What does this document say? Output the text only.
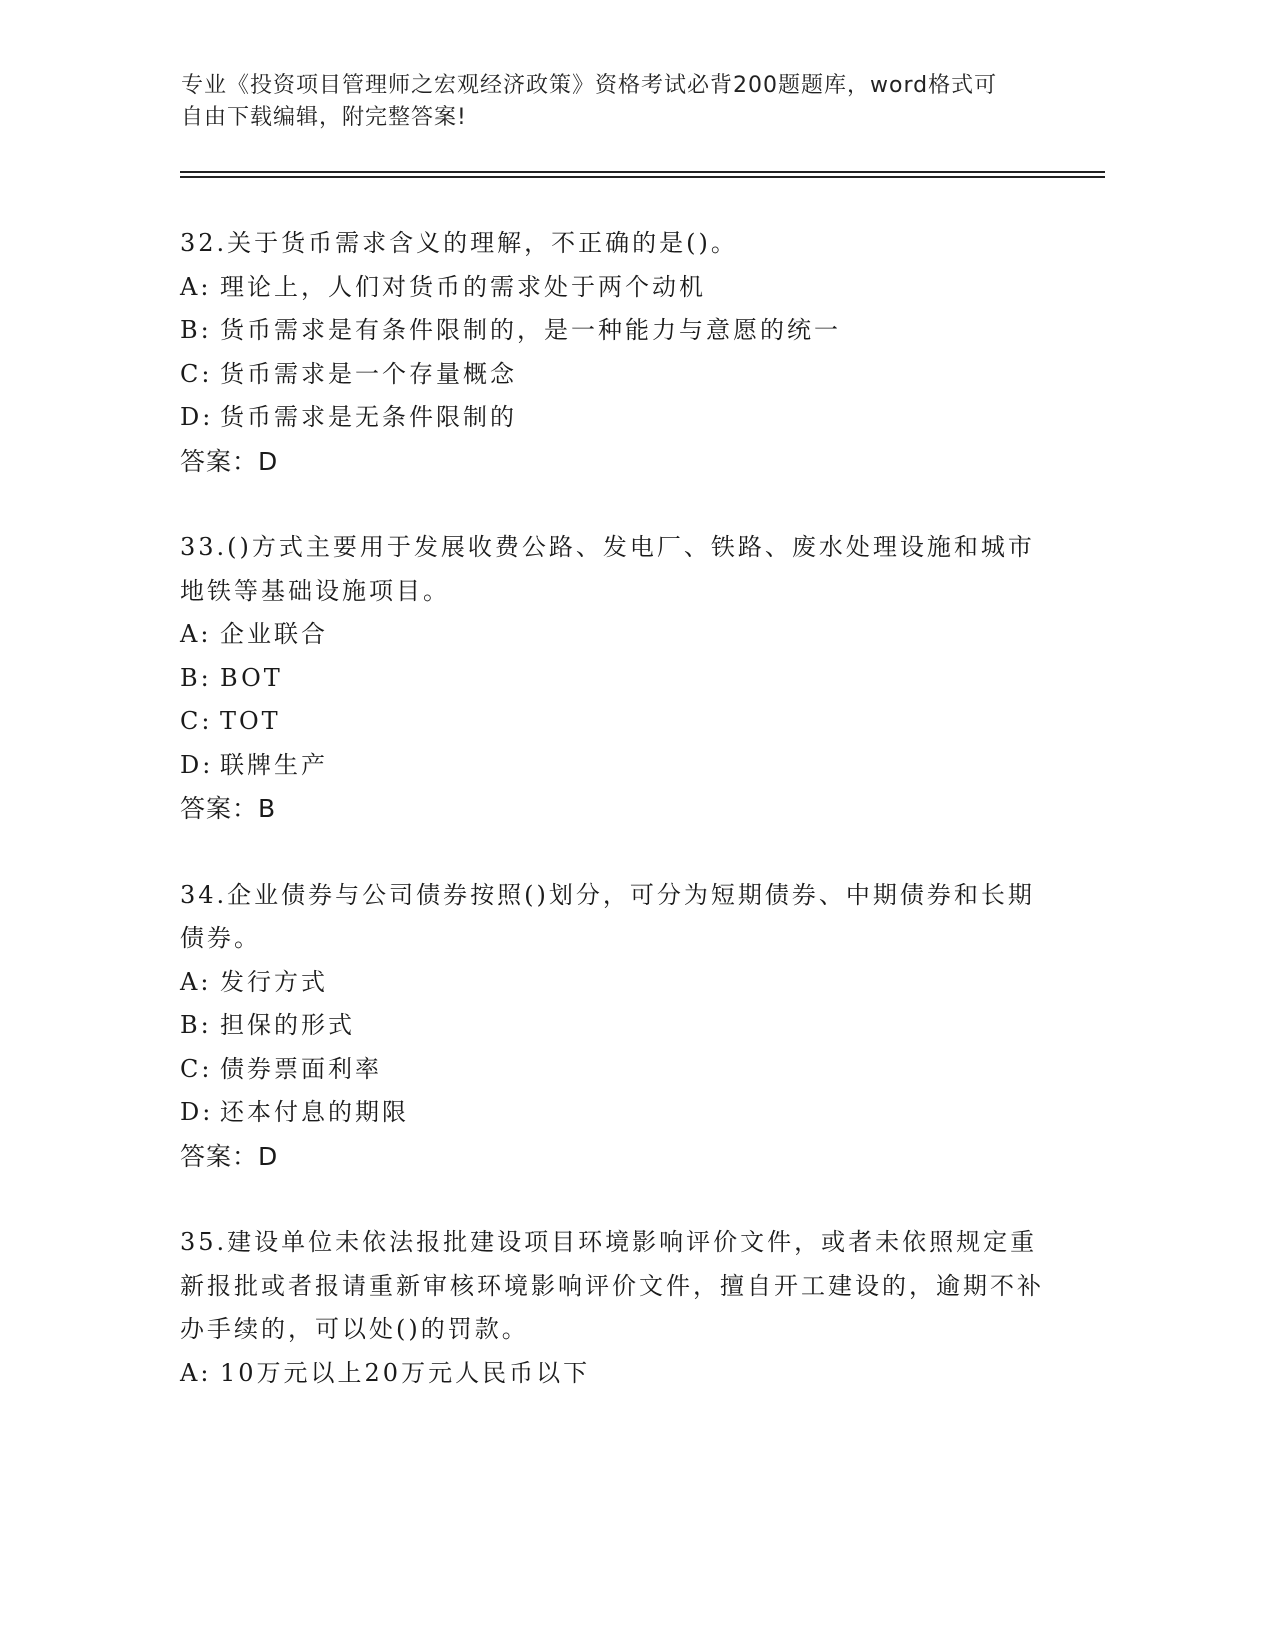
专业《投资项目管理师之宏观经济政策》资格考试必背200题题库，word格式可
自由下载编辑，附完整答案!
32.关于货币需求含义的理解，不正确的是()。
A: 理论上，人们对货币的需求处于两个动机
B: 货币需求是有条件限制的，是一种能力与意愿的统一
C: 货币需求是一个存量概念
D: 货币需求是无条件限制的
答案：D
33.()方式主要用于发展收费公路、发电厂、铁路、废水处理设施和城市地铁等基础设施项目。
A: 企业联合
B: BOT
C: TOT
D: 联牌生产
答案：B
34.企业债券与公司债券按照()划分，可分为短期债券、中期债券和长期债券。
A: 发行方式
B: 担保的形式
C: 债券票面利率
D: 还本付息的期限
答案：D
35.建设单位未依法报批建设项目环境影响评价文件，或者未依照规定重新报批或者报请重新审核环境影响评价文件，擅自开工建设的，逾期不补办手续的，可以处()的罚款。
A: 10万元以上20万元人民币以下
